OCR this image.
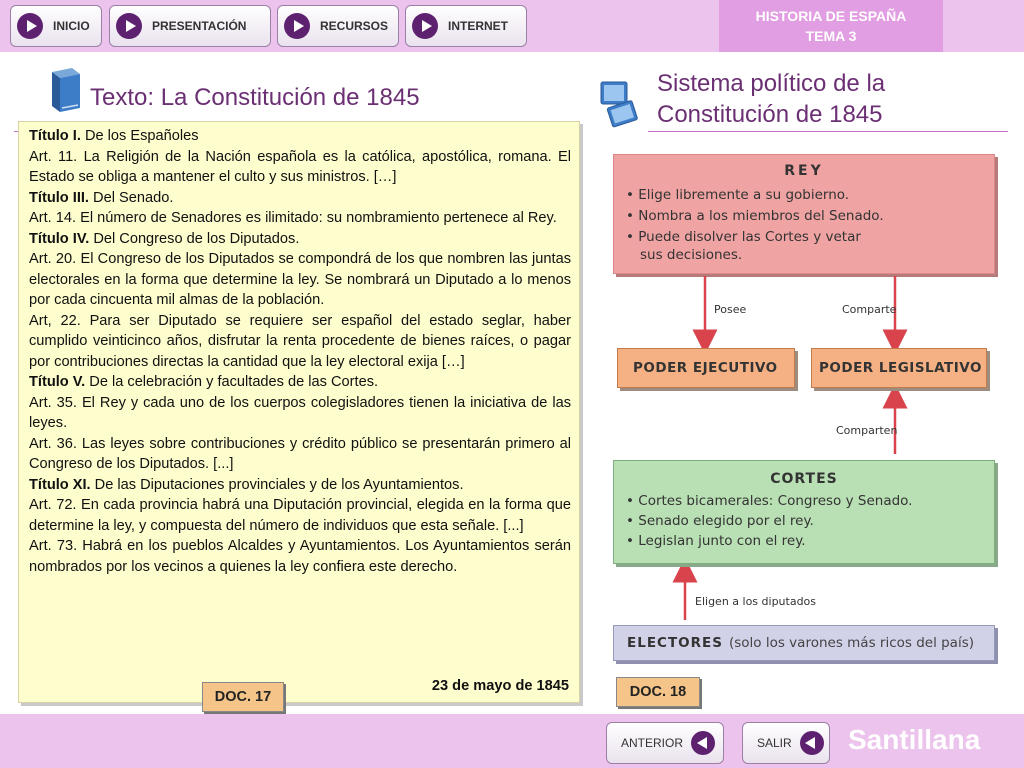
INICIO	PRESENTACIÓN	RECURSOS	INTERNET
HISTORIA DE ESPAÑA
TEMA 3
Texto: La Constitución de 1845
Sistema político de la
Constitución de 1845

Título I. De los Españoles

Art. 11. La Religión de la Nación española es la católica, apostólica, romana. El Estado se obliga a mantener el culto y sus ministros. […]

Título III. Del Senado.

Art. 14. El número de Senadores es ilimitado: su nombramiento pertenece al Rey.

Título IV. Del Congreso de los Diputados.

Art. 20. El Congreso de los Diputados se compondrá de los que nombren las juntas electorales en la forma que determine la ley. Se nombrará un Diputado a lo menos por cada cincuenta mil almas de la población.

Art, 22. Para ser Diputado se requiere ser español del estado seglar, haber cumplido veinticinco años, disfrutar la renta procedente de bienes raíces, o pagar por contribuciones directas la cantidad que la ley electoral exija […]

Título V. De la celebración y facultades de las Cortes.

Art. 35. El Rey y cada uno de los cuerpos colegisladores tienen la iniciativa de las leyes.

Art. 36. Las leyes sobre contribuciones y crédito público se presentarán primero al Congreso de los Diputados. [...]

Título XI. De las Diputaciones provinciales y de los Ayuntamientos.

Art. 72. En cada provincia habrá una Diputación provincial, elegida en la forma que determine la ley, y compuesta del número de individuos que esta señale. [...]

Art. 73. Habrá en los pueblos Alcaldes y Ayuntamientos. Los Ayuntamientos serán nombrados por los vecinos a quienes la ley confiera este derecho.

23 de mayo de 1845
DOC. 17
REY
• Elige libremente a su gobierno.
• Nombra a los miembros del Senado.
• Puede disolver las Cortes y vetar
sus decisiones.
Posee	Comparte
PODER EJECUTIVO	PODER LEGISLATIVO
Comparten
CORTES
• Cortes bicamerales: Congreso y Senado.
• Senado elegido por el rey.
• Legislan junto con el rey.
Eligen a los diputados
ELECTORES (solo los varones más ricos del país)
DOC. 18
ANTERIOR	SALIR Santillana
